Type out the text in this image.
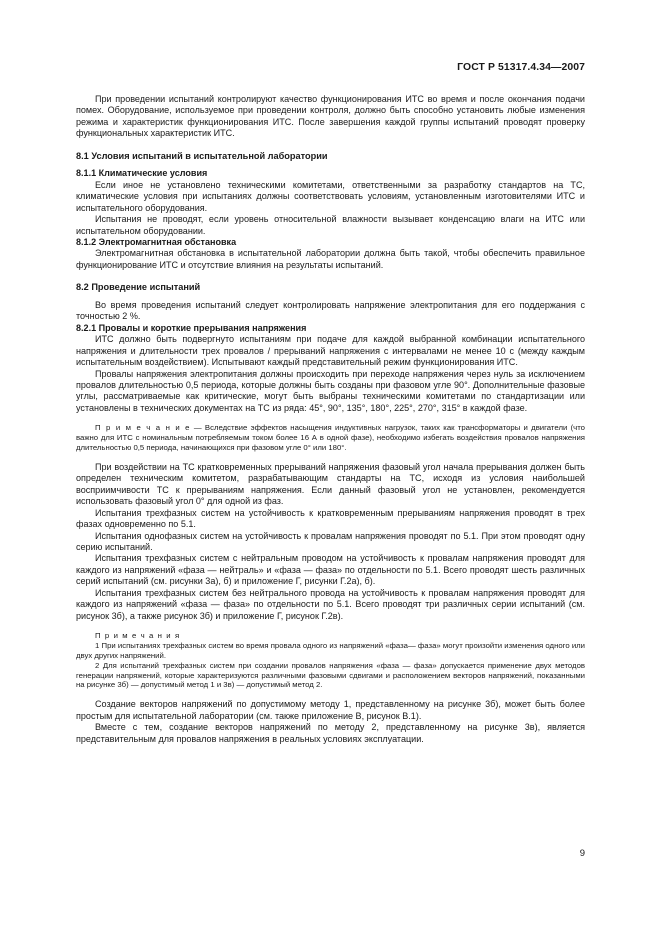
ГОСТ Р 51317.4.34—2007

При проведении испытаний контролируют качество функционирования ИТС во время и после окончания подачи помех. Оборудование, используемое при проведении контроля, должно быть способно установить любые изменения режима и характеристик функционирования ИТС. После завершения каждой группы испытаний проводят проверку функциональных характеристик ИТС.

8.1 Условия испытаний в испытательной лаборатории
8.1.1 Климатические условия

Если иное не установлено техническими комитетами, ответственными за разработку стандартов на ТС, климатические условия при испытаниях должны соответствовать условиям, установленным изготовителями ИТС и испытательного оборудования.

Испытания не проводят, если уровень относительной влажности вызывает конденсацию влаги на ИТС или испытательном оборудовании.

8.1.2 Электромагнитная обстановка

Электромагнитная обстановка в испытательной лаборатории должна быть такой, чтобы обеспечить правильное функционирование ИТС и отсутствие влияния на результаты испытаний.

8.2 Проведение испытаний

Во время проведения испытаний следует контролировать напряжение электропитания для его поддержания с точностью 2 %.

8.2.1 Провалы и короткие прерывания напряжения

ИТС должно быть подвергнуто испытаниям при подаче для каждой выбранной комбинации испытательного напряжения и длительности трех провалов / прерываний напряжения с интервалами не менее 10 с (между каждым испытательным воздействием). Испытывают каждый представительный режим функционирования ИТС.

Провалы напряжения электропитания должны происходить при переходе напряжения через нуль за исключением провалов длительностью 0,5 периода, которые должны быть созданы при фазовом угле 90°. Дополнительные фазовые углы, рассматриваемые как критические, могут быть выбраны техническими комитетами по стандартизации или установлены в технических документах на ТС из ряда: 45°, 90°, 135°, 180°, 225°, 270°, 315° в каждой фазе.

П р и м е ч а н и е — Вследствие эффектов насыщения индуктивных нагрузок, таких как трансформаторы и двигатели (что важно для ИТС с номинальным потребляемым током более 16 А в одной фазе), необходимо избегать воздействия провалов напряжения длительностью 0,5 периода, начинающихся при фазовом угле 0° или 180°.

При воздействии на ТС кратковременных прерываний напряжения фазовый угол начала прерывания должен быть определен техническим комитетом, разрабатывающим стандарты на ТС, исходя из условия наибольшей восприимчивости ТС к прерываниям напряжения. Если данный фазовый угол не установлен, рекомендуется использовать фазовый угол 0° для одной из фаз.

Испытания трехфазных систем на устойчивость к кратковременным прерываниям напряжения проводят в трех фазах одновременно по 5.1.

Испытания однофазных систем на устойчивость к провалам напряжения проводят по 5.1. При этом проводят одну серию испытаний.

Испытания трехфазных систем с нейтральным проводом на устойчивость к провалам напряжения проводят для каждого из напряжений «фаза — нейтраль» и «фаза — фаза» по отдельности по 5.1. Всего проводят шесть различных серий испытаний (см. рисунки 3а), б) и приложение Г, рисунки Г.2а), б).

Испытания трехфазных систем без нейтрального провода на устойчивость к провалам напряжения проводят для каждого из напряжений «фаза — фаза» по отдельности по 5.1. Всего проводят три различных серии испытаний (см. рисунок 3б), а также рисунок 3б) и приложение Г, рисунок Г.2в).

П р и м е ч а н и я

1 При испытаниях трехфазных систем во время провала одного из напряжений «фаза— фаза» могут произойти изменения одного или двух других напряжений.

2 Для испытаний трехфазных систем при создании провалов напряжения «фаза — фаза» допускается применение двух методов генерации напряжений, которые характеризуются различными фазовыми сдвигами и расположением векторов напряжений, показанными на рисунке 3б) — допустимый метод 1 и 3в) — допустимый метод 2.

Создание векторов напряжений по допустимому методу 1, представленному на рисунке 3б), может быть более простым для испытательной лаборатории (см. также приложение В, рисунок В.1).

Вместе с тем, создание векторов напряжений по методу 2, представленному на рисунке 3в), является представительным для провалов напряжения в реальных условиях эксплуатации.

9
